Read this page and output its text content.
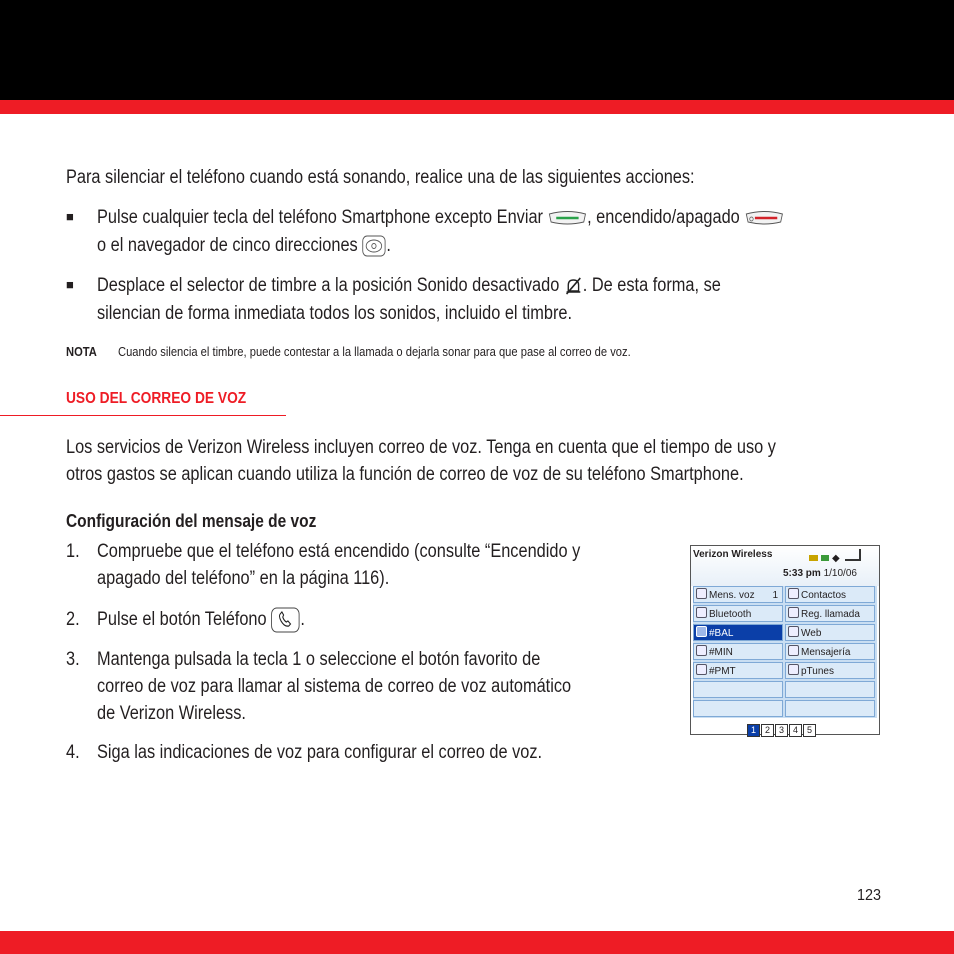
Para silenciar el teléfono cuando está sonando, realice una de las siguientes acciones:
■ Pulse cualquier tecla del teléfono Smartphone excepto Enviar , encendido/apagado
o el navegador de cinco direcciones .
■ Desplace el selector de timbre a la posición Sonido desactivado . De esta forma, se
silencian de forma inmediata todos los sonidos, incluido el timbre.
NOTA Cuando silencia el timbre, puede contestar a la llamada o dejarla sonar para que pase al correo de voz.
USO DEL CORREO DE VOZ
Los servicios de Verizon Wireless incluyen correo de voz. Tenga en cuenta que el tiempo de uso y
otros gastos se aplican cuando utiliza la función de correo de voz de su teléfono Smartphone.
Configuración del mensaje de voz
1. Compruebe que el teléfono está encendido (consulte “Encendido y
apagado del teléfono” en la página 116).
2. Pulse el botón Teléfono .
3. Mantenga pulsada la tecla 1 o seleccione el botón favorito de
correo de voz para llamar al sistema de correo de voz automático
de Verizon Wireless.
4. Siga las indicaciones de voz para configurar el correo de voz.
Verizon Wireless	◆
5:33 pm 1/10/06
Mens. voz 1	Contactos
Bluetooth	Reg. llamada
#BAL	Web
#MIN	Mensajería
#PMT	pTunes
1 2 3 4 5
123
